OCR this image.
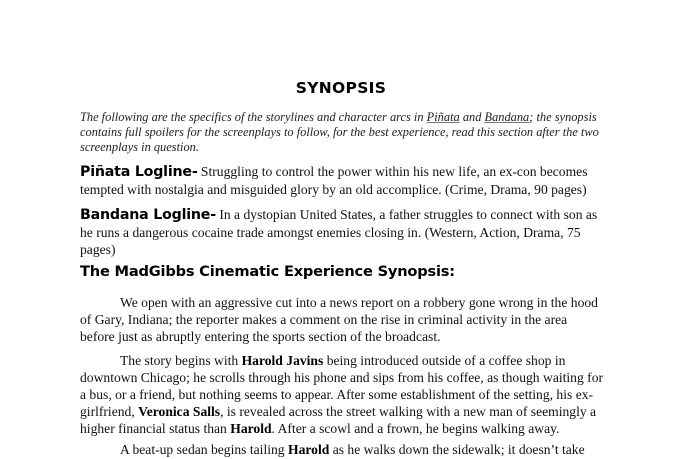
SYNOPSIS

The following are the specifics of the storylines and character arcs in Piñata and Bandana; the synopsis contains full spoilers for the screenplays to follow, for the best experience, read this section after the two screenplays in question.

Piñata Logline- Struggling to control the power within his new life, an ex-con becomes tempted with nostalgia and misguided glory by an old accomplice. (Crime, Drama, 90 pages)

Bandana Logline- In a dystopian United States, a father struggles to connect with son as he runs a dangerous cocaine trade amongst enemies closing in. (Western, Action, Drama, 75 pages)

The MadGibbs Cinematic Experience Synopsis:

We open with an aggressive cut into a news report on a robbery gone wrong in the hood of Gary, Indiana; the reporter makes a comment on the rise in criminal activity in the area before just as abruptly entering the sports section of the broadcast.

The story begins with Harold Javins being introduced outside of a coffee shop in downtown Chicago; he scrolls through his phone and sips from his coffee, as though waiting for a bus, or a friend, but nothing seems to appear. After some establishment of the setting, his ex-girlfriend, Veronica Salls, is revealed across the street walking with a new man of seemingly a higher financial status than Harold. After a scowl and a frown, he begins walking away.

A beat-up sedan begins tailing Harold as he walks down the sidewalk; it doesn’t take
